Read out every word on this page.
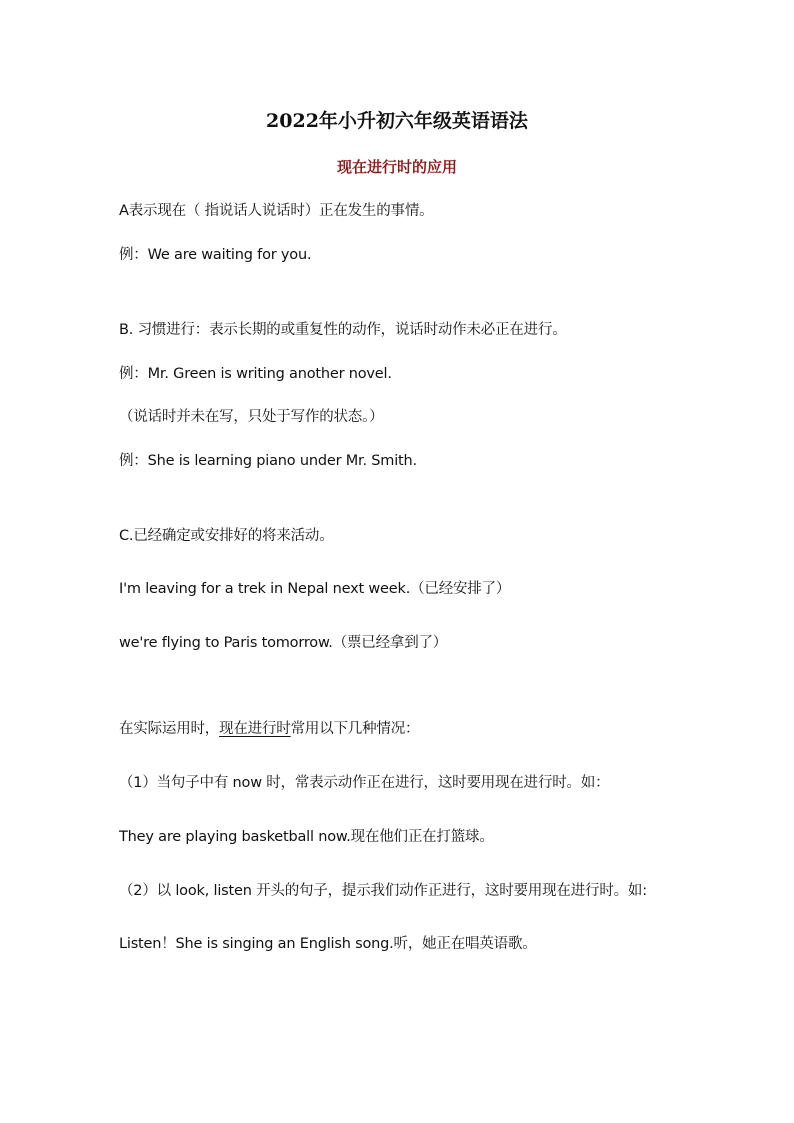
2022年小升初六年级英语语法
现在进行时的应用
A表示现在（ 指说话人说话时）正在发生的事情。
例：We are waiting for you.
B. 习惯进行：表示长期的或重复性的动作，说话时动作未必正在进行。
例：Mr. Green is writing another novel.
（说话时并未在写，只处于写作的状态。）
例：She is learning piano under Mr. Smith.
C.已经确定或安排好的将来活动。
I'm leaving for a trek in Nepal next week.（已经安排了）
we're flying to Paris tomorrow.（票已经拿到了）
在实际运用时，现在进行时常用以下几种情况：
（1）当句子中有 now 时，常表示动作正在进行，这时要用现在进行时。如：
They are playing basketball now.现在他们正在打篮球。
（2）以 look, listen 开头的句子，提示我们动作正进行，这时要用现在进行时。如:
Listen！She is singing an English song.听，她正在唱英语歌。
